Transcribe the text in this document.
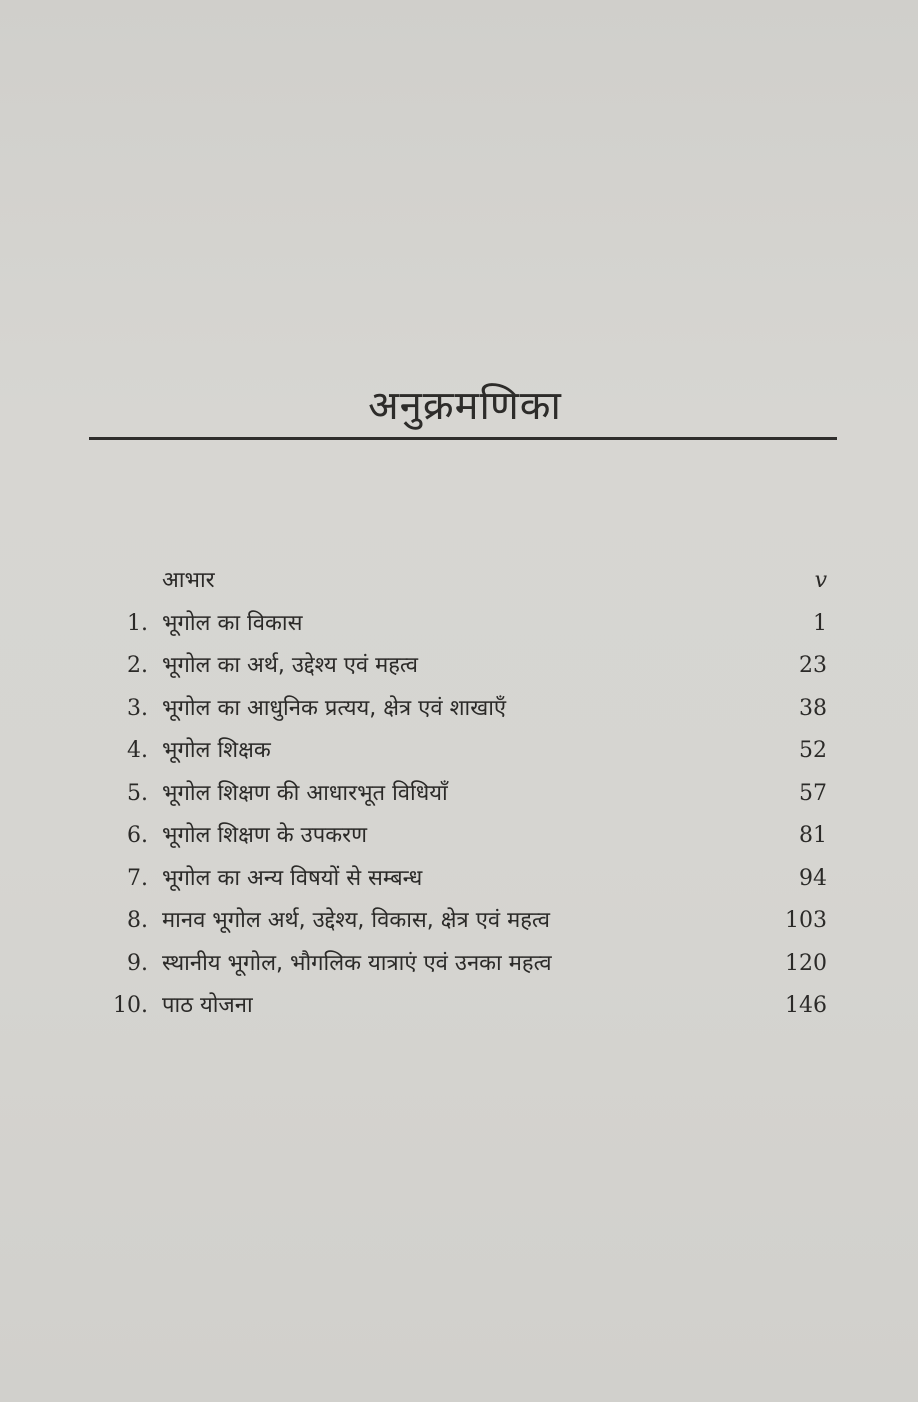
अनुक्रमणिका
आभार	v
1. भूगोल का विकास	1
2. भूगोल का अर्थ, उद्देश्य एवं महत्व	23
3. भूगोल का आधुनिक प्रत्यय, क्षेत्र एवं शाखाएँ	38
4. भूगोल शिक्षक	52
5. भूगोल शिक्षण की आधारभूत विधियाँ	57
6. भूगोल शिक्षण के उपकरण	81
7. भूगोल का अन्य विषयों से सम्बन्ध	94
8. मानव भूगोल अर्थ, उद्देश्य, विकास, क्षेत्र एवं महत्व	103
9. स्थानीय भूगोल, भौगलिक यात्राएं एवं उनका महत्व	120
10. पाठ योजना	146
